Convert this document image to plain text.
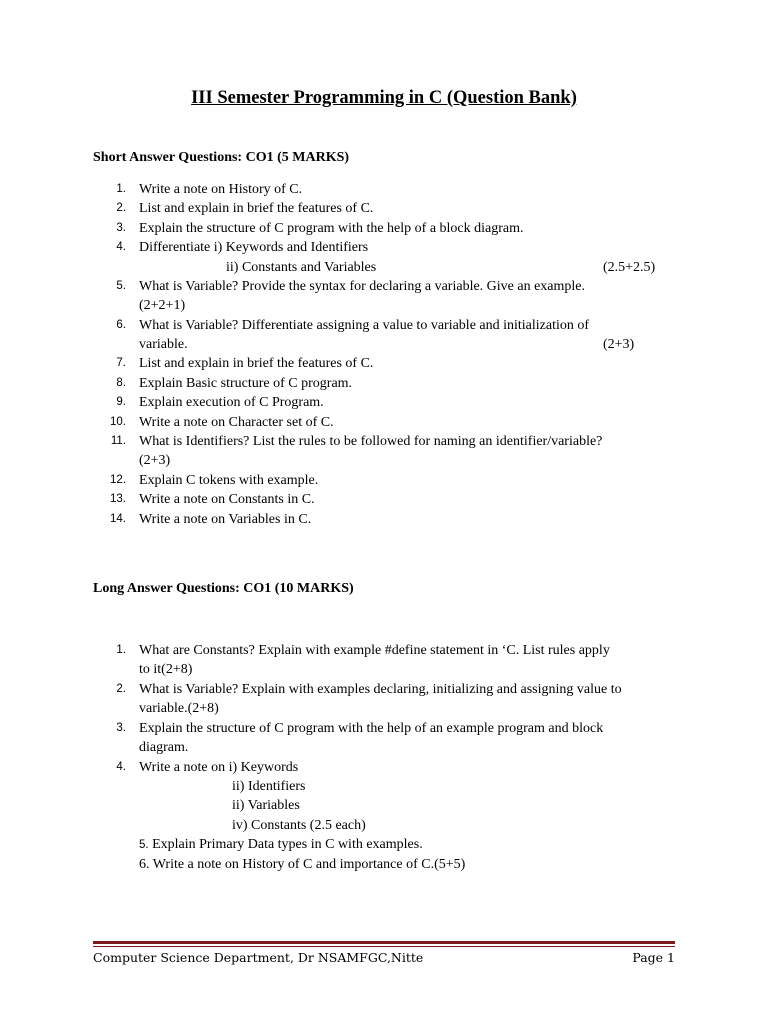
III Semester Programming in C (Question Bank)
Short Answer Questions: CO1 (5 MARKS)
1. Write a note on History of C.
2. List and explain in brief the features of C.
3. Explain the structure of C program with the help of a block diagram.
4. Differentiate i) Keywords and Identifiers
ii) Constants and Variables	(2.5+2.5)
5. What is Variable? Provide the syntax for declaring a variable. Give an example.
(2+2+1)
6. What is Variable? Differentiate assigning a value to variable and initialization of
variable.	(2+3)
7. List and explain in brief the features of C.
8. Explain Basic structure of C program.
9. Explain execution of C Program.
10. Write a note on Character set of C.
11. What is Identifiers? List the rules to be followed for naming an identifier/variable?
(2+3)
12. Explain C tokens with example.
13. Write a note on Constants in C.
14. Write a note on Variables in C.
Long Answer Questions: CO1 (10 MARKS)
1. What are Constants? Explain with example #define statement in ‘C. List rules apply
to it(2+8)
2. What is Variable? Explain with examples declaring, initializing and assigning value to
variable.(2+8)
3. Explain the structure of C program with the help of an example program and block
diagram.
4. Write a note on i) Keywords
ii) Identifiers
ii) Variables
iv) Constants (2.5 each)
5. Explain Primary Data types in C with examples.
6. Write a note on History of C and importance of C.(5+5)
Computer Science Department, Dr NSAMFGC,Nitte	Page 1
